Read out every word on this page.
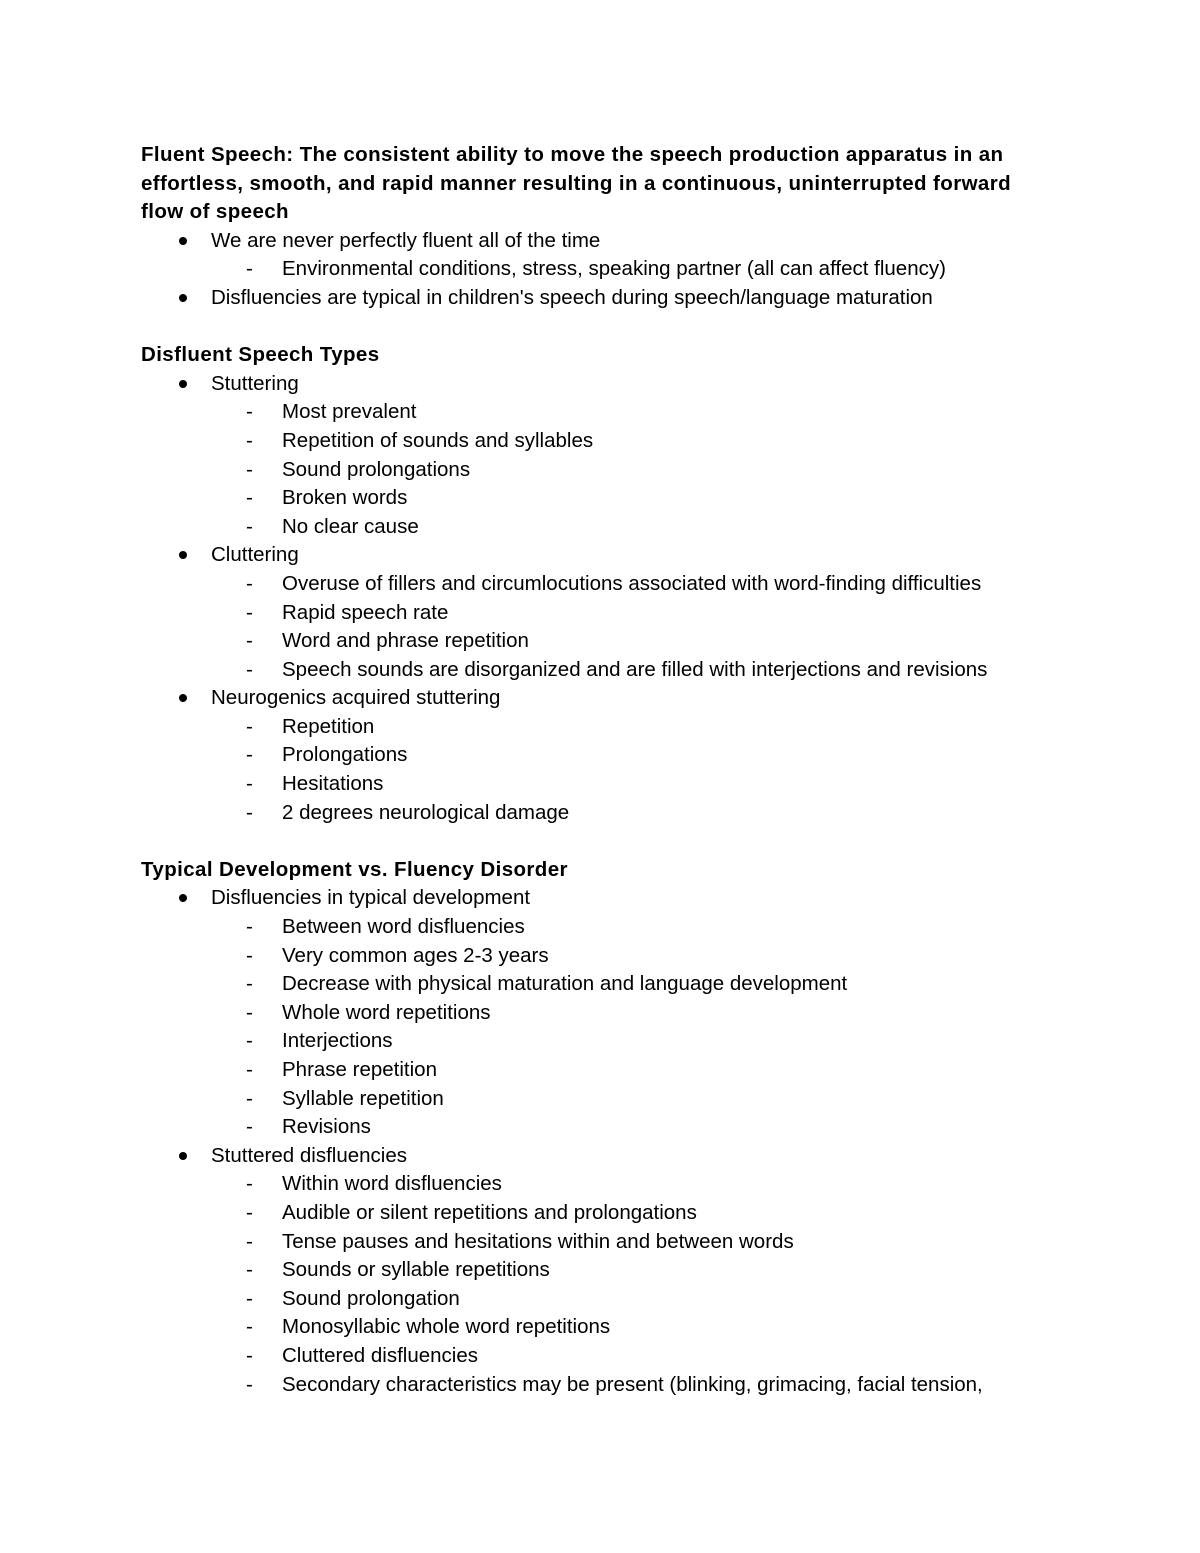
Fluent Speech: The consistent ability to move the speech production apparatus in an effortless, smooth, and rapid manner resulting in a continuous, uninterrupted forward flow of speech

We are never perfectly fluent all of the time
- Environmental conditions, stress, speaking partner (all can affect fluency)
Disfluencies are typical in children's speech during speech/language maturation

Disfluent Speech Types

Stuttering
- Most prevalent
- Repetition of sounds and syllables
- Sound prolongations
- Broken words
- No clear cause
Cluttering
- Overuse of fillers and circumlocutions associated with word-finding difficulties
- Rapid speech rate
- Word and phrase repetition
- Speech sounds are disorganized and are filled with interjections and revisions
Neurogenics acquired stuttering
- Repetition
- Prolongations
- Hesitations
- 2 degrees neurological damage

Typical Development vs. Fluency Disorder

Disfluencies in typical development
- Between word disfluencies
- Very common ages 2-3 years
- Decrease with physical maturation and language development
- Whole word repetitions
- Interjections
- Phrase repetition
- Syllable repetition
- Revisions
Stuttered disfluencies
- Within word disfluencies
- Audible or silent repetitions and prolongations
- Tense pauses and hesitations within and between words
- Sounds or syllable repetitions
- Sound prolongation
- Monosyllabic whole word repetitions
- Cluttered disfluencies
- Secondary characteristics may be present (blinking, grimacing, facial tension,
